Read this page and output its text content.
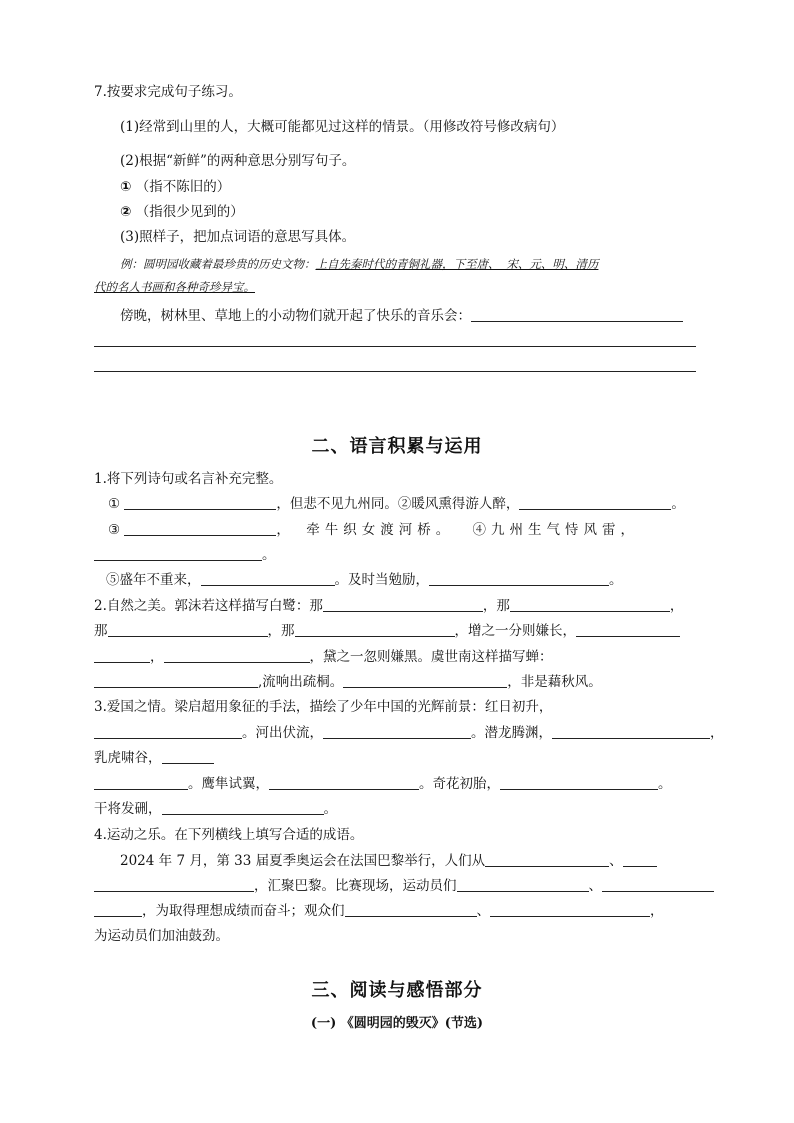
7.按要求完成句子练习。
(1)经常到山里的人，大概可能都见过这样的情景。（用修改符号修改病句）
(2)根据“新鲜”的两种意思分别写句子。
① （指不陈旧的）
② （指很少见到的）
(3)照样子，把加点词语的意思写具体。
例：圆明园收藏着最珍贵的历史文物：上自先秦时代的青铜礼器，下至唐、 宋、元、明、清历
代的名人书画和各种奇珍异宝。
傍晚，树林里、草地上的小动物们就开起了快乐的音乐会：
二、语言积累与运用
1.将下列诗句或名言补充完整。
①	，但悲不见九州同。②暖风熏得游人醉，	。
③	， 牵牛织女渡河桥。 ④九州生气恃风雷，
。
⑤盛年不重来，	。及时当勉励，	。
2.自然之美。郭沫若这样描写白鹭：那	，那	，
那	，那	，增之一分则嫌长，
，	，黛之一忽则嫌黑。虞世南这样描写蝉：
,流响出疏桐。	，非是藉秋风。
3.爱国之情。梁启超用象征的手法，描绘了少年中国的光辉前景：红日初升，
。河出伏流，	。潜龙腾渊，	，
乳虎啸谷，
。鹰隼试翼，	。奇花初胎，	。
干将发硎，	。
4.运动之乐。在下列横线上填写合适的成语。
2024 年 7 月，第 33 届夏季奥运会在法国巴黎举行，人们从	、
，汇聚巴黎。比赛现场，运动员们	、
，为取得理想成绩而奋斗；观众们	、	，
为运动员们加油鼓劲。
三、阅读与感悟部分
(一) 《圆明园的毁灭》(节选)
